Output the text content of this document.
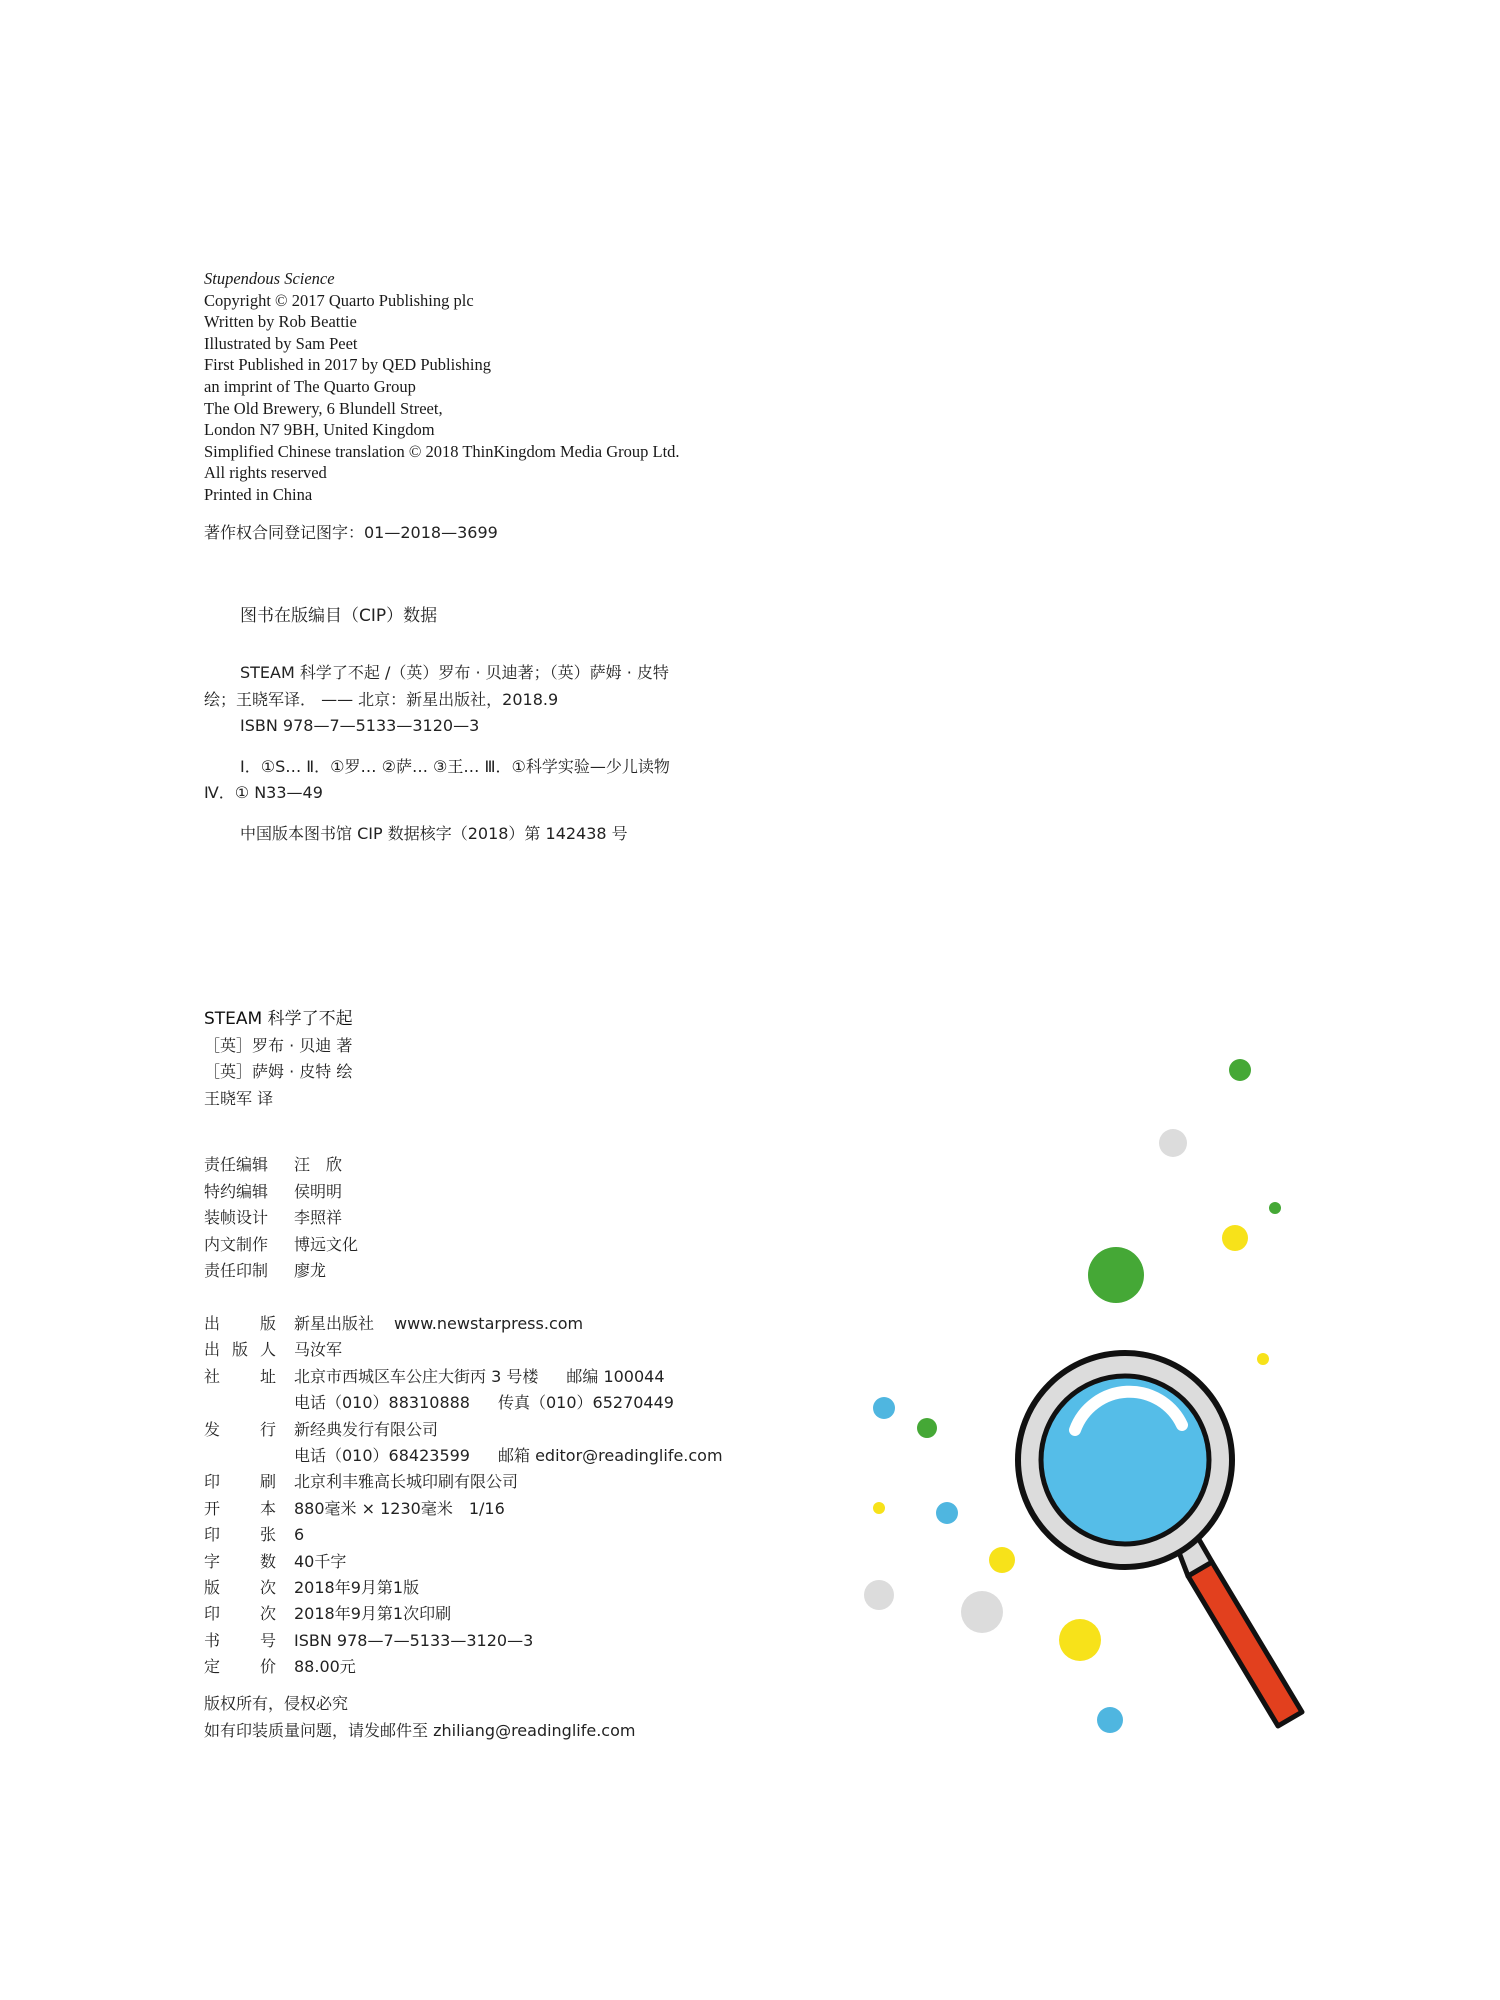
Stupendous Science
Copyright © 2017 Quarto Publishing plc
Written by Rob Beattie
Illustrated by Sam Peet
First Published in 2017 by QED Publishing
an imprint of The Quarto Group
The Old Brewery, 6 Blundell Street,
London N7 9BH, United Kingdom
Simplified Chinese translation © 2018 ThinKingdom Media Group Ltd.
All rights reserved
Printed in China
著作权合同登记图字：01—2018—3699
图书在版编目（CIP）数据

STEAM 科学了不起 /（英）罗布 · 贝迪著；（英）萨姆 · 皮特绘；王晓军译． —— 北京：新星出版社，2018.9

ISBN 978—7—5133—3120—3

Ⅰ．①S… Ⅱ．①罗… ②萨… ③王… Ⅲ．①科学实验—少儿读物 Ⅳ．① N33—49

中国版本图书馆 CIP 数据核字（2018）第 142438 号

STEAM 科学了不起
［英］罗布 · 贝迪 著
［英］萨姆 · 皮特 绘
王晓军 译
责任编辑	汪　欣
特约编辑	侯明明
装帧设计	李照祥
内文制作	博远文化
责任印制	廖龙
出版	新星出版社 www.newstarpress.com
出版人	马汝军
社址	北京市西城区车公庄大街丙 3 号楼 邮编 100044
电话（010）88310888 传真（010）65270449
发行	新经典发行有限公司
电话（010）68423599 邮箱 editor@readinglife.com
印刷	北京利丰雅高长城印刷有限公司
开本	880毫米 × 1230毫米　1/16
印张	6
字数	40千字
版次	2018年9月第1版
印次	2018年9月第1次印刷
书号	ISBN 978—7—5133—3120—3
定价	88.00元
版权所有，侵权必究
如有印装质量问题，请发邮件至 zhiliang@readinglife.com
